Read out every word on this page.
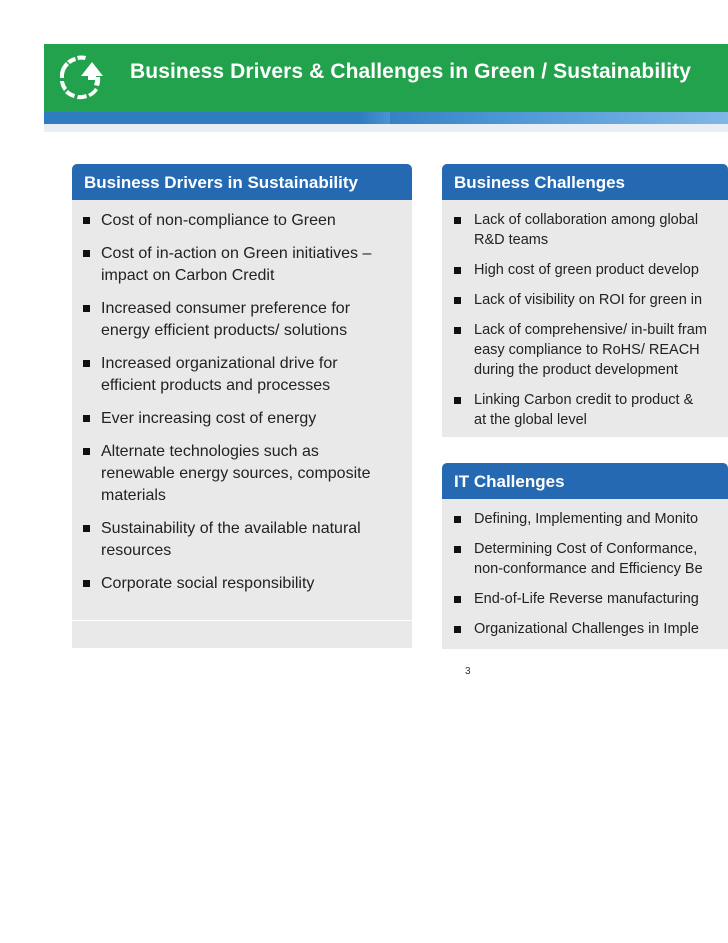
Business Drivers & Challenges in Green / Sustainability
Business Drivers in Sustainability
Cost of non-compliance to Green
Cost of in-action on Green initiatives –
impact on Carbon Credit
Increased consumer preference for
energy efficient products/ solutions
Increased organizational drive for
efficient products and processes
Ever increasing cost of energy
Alternate technologies such as
renewable energy sources, composite
materials
Sustainability of the available natural
resources
Corporate social responsibility
Business Challenges
Lack of collaboration among global
R&D teams
High cost of green product develop
Lack of visibility on ROI for green in
Lack of comprehensive/ in-built fram
easy compliance to RoHS/ REACH
during the product development
Linking Carbon credit to product &
at the global level
IT Challenges
Defining, Implementing and Monito
Determining Cost of Conformance,
non-conformance and Efficiency Be
End-of-Life Reverse manufacturing
Organizational Challenges in Imple
3
